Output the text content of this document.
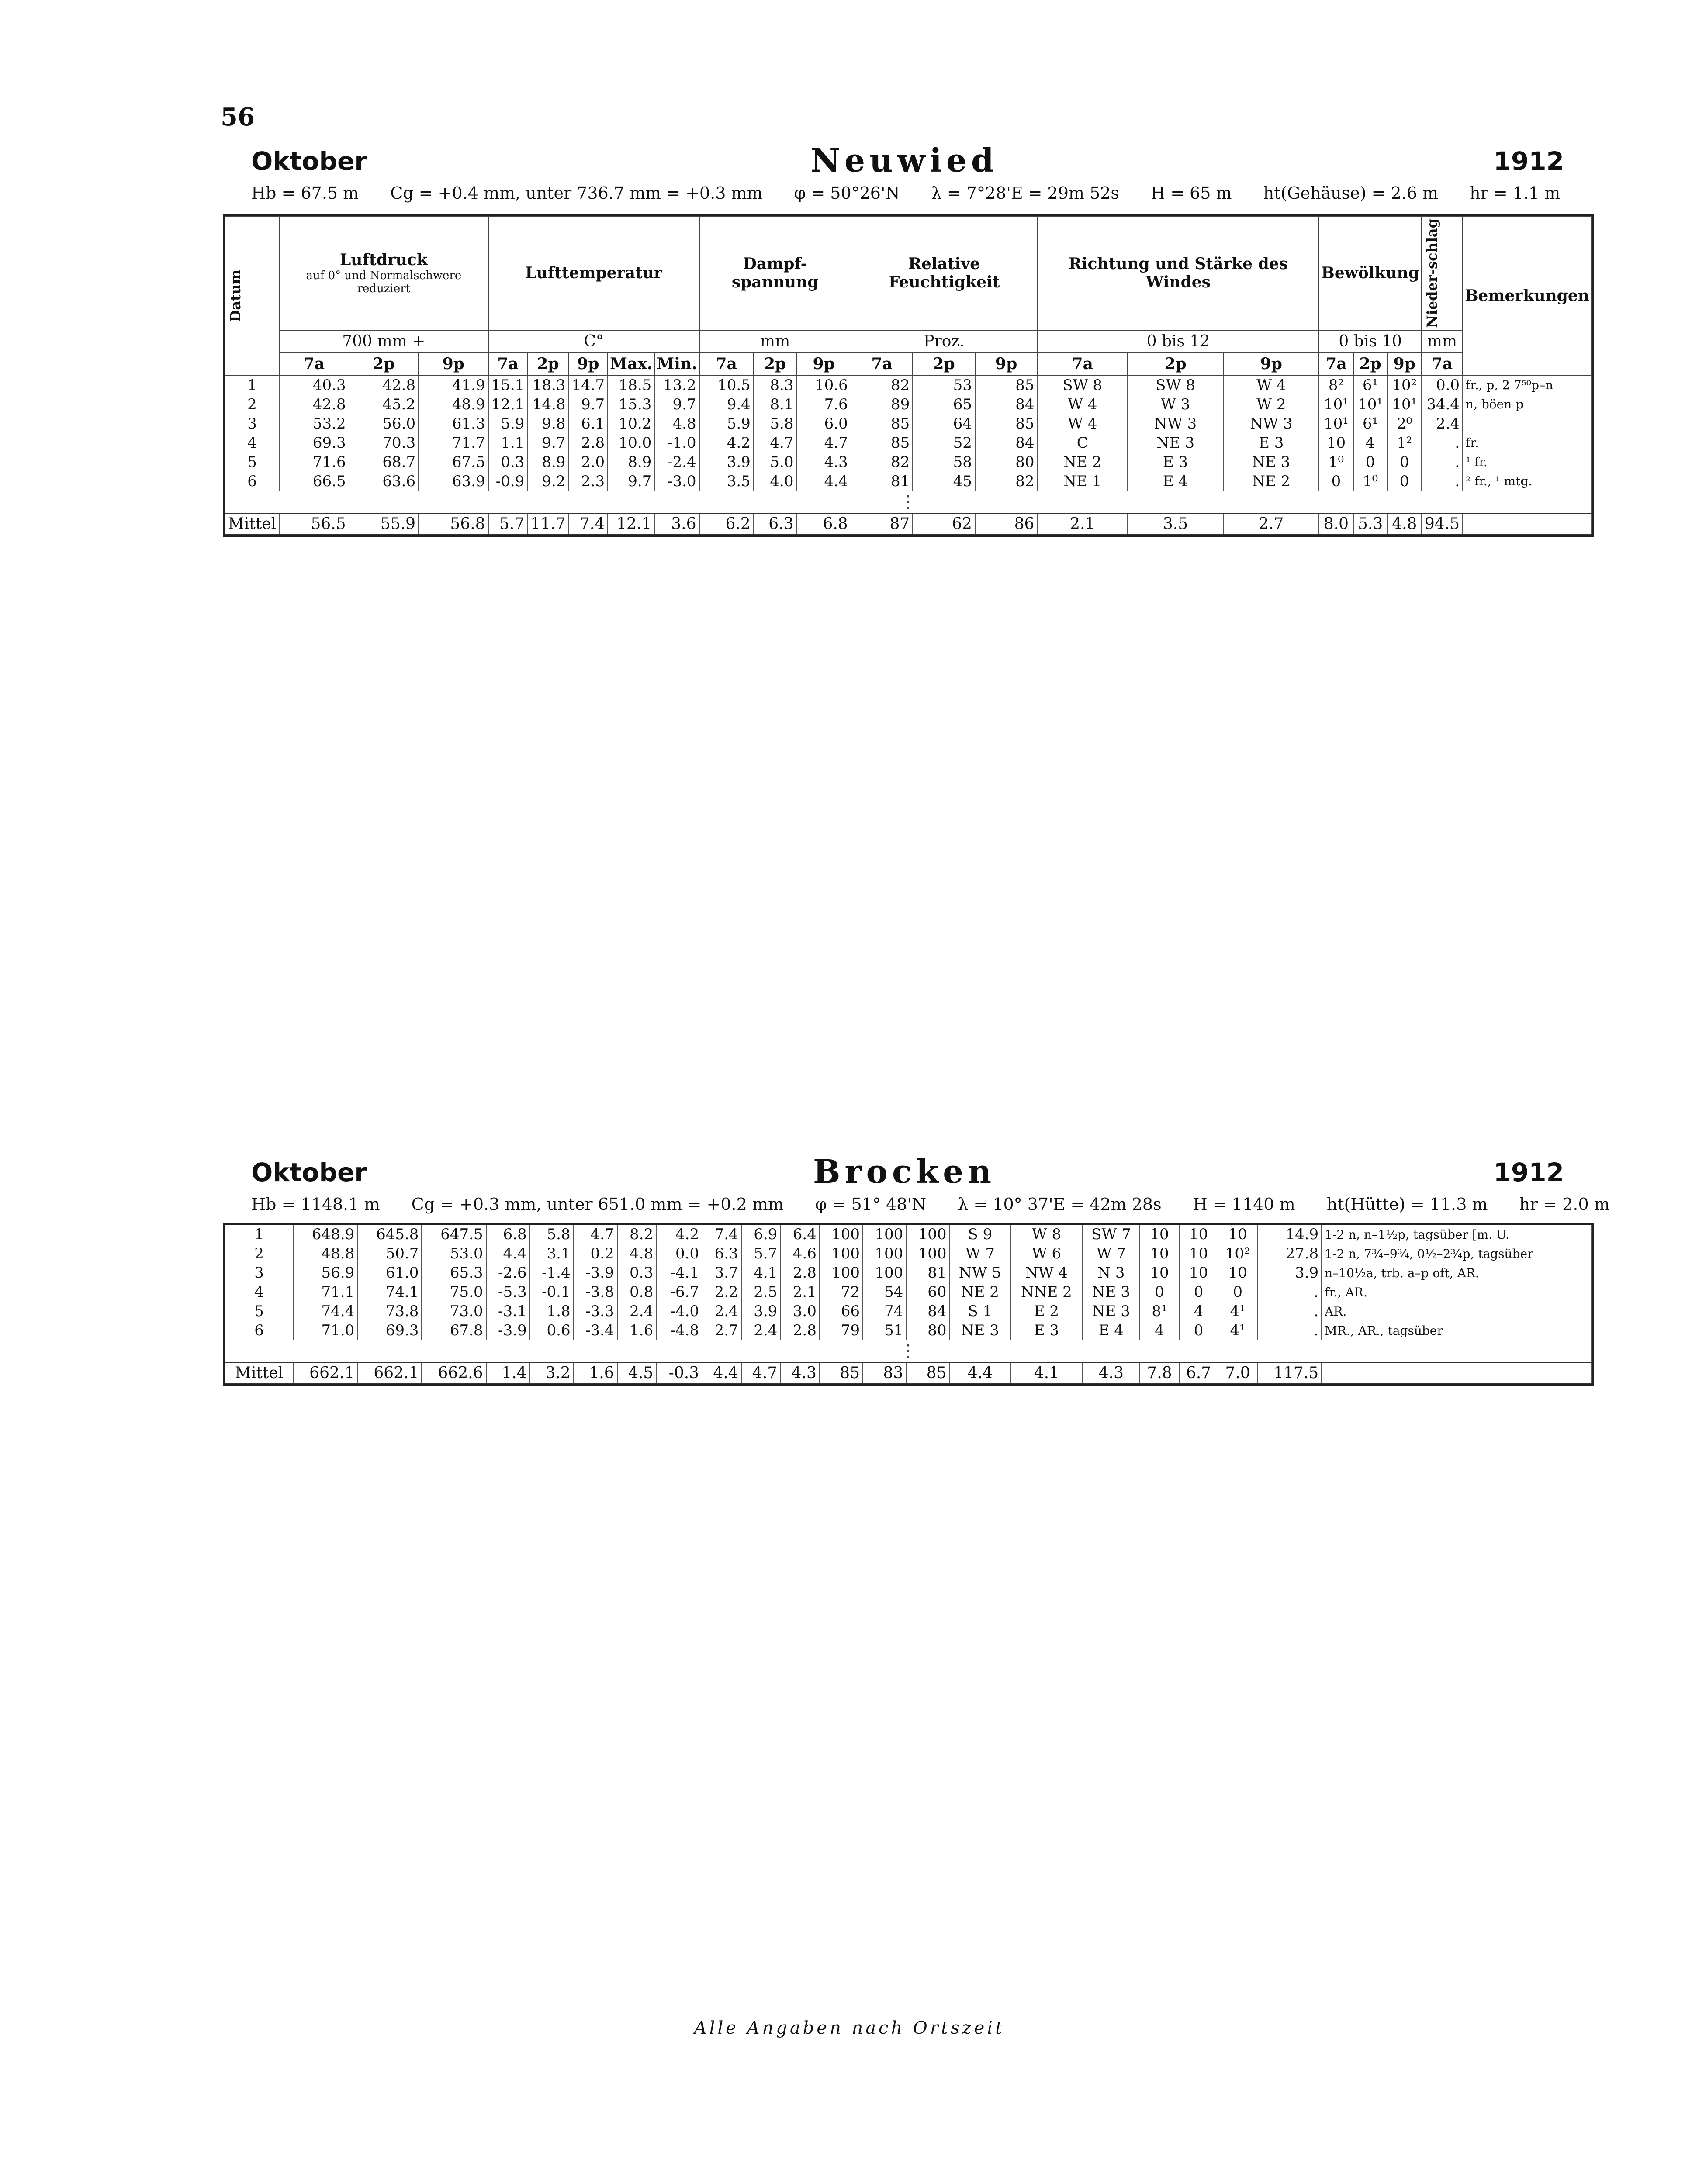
56
Oktober	Neuwied	1912
Hb = 67.5 m Cg = +0.4 mm, unter 736.7 mm = +0.3 mm φ = 50°26'N λ = 7°28'E = 29m 52s H = 65 m ht(Gehäuse) = 2.6 m hr = 1.1 m
Datum	Luftdruck
auf 0° und Normalschwere reduziert			Lufttemperatur					Dampf-spannung			Relative Feuchtigkeit			Richtung und Stärke des Windes			Bewölkung			Nieder-schlag	Bemerkungen
	700 mm +			C°					mm			Proz.			0 bis 12			0 bis 10			mm	
	7a	2p	9p	7a	2p	9p	Max.	Min.	7a	2p	9p	7a	2p	9p	7a	2p	9p	7a	2p	9p	7a	
1	40.3	42.8	41.9	15.1	18.3	14.7	18.5	13.2	10.5	8.3	10.6	82	53	85	SW 8	SW 8	W 4	8²	6¹	10²	0.0	fr., p, 2 7⁵⁰p–n
2	42.8	45.2	48.9	12.1	14.8	9.7	15.3	9.7	9.4	8.1	7.6	89	65	84	W 4	W 3	W 2	10¹	10¹	10¹	34.4	n, böen p
3	53.2	56.0	61.3	5.9	9.8	6.1	10.2	4.8	5.9	5.8	6.0	85	64	85	W 4	NW 3	NW 3	10¹	6¹	2⁰	2.4	
4	69.3	70.3	71.7	1.1	9.7	2.8	10.0	-1.0	4.2	4.7	4.7	85	52	84	C	NE 3	E 3	10	4	1²	.	fr.
5	71.6	68.7	67.5	0.3	8.9	2.0	8.9	-2.4	3.9	5.0	4.3	82	58	80	NE 2	E 3	NE 3	1⁰	0	0	.	¹ fr.
6	66.5	63.6	63.9	-0.9	9.2	2.3	9.7	-3.0	3.5	4.0	4.4	81	45	82	NE 1	E 4	NE 2	0	1⁰	0	.	² fr., ¹ mtg.
⋮																						
Mittel	56.5	55.9	56.8	5.7	11.7	7.4	12.1	3.6	6.2	6.3	6.8	87	62	86	2.1	3.5	2.7	8.0	5.3	4.8	94.5	
Oktober	Brocken	1912
Hb = 1148.1 m Cg = +0.3 mm, unter 651.0 mm = +0.2 mm φ = 51° 48'N λ = 10° 37'E = 42m 28s H = 1140 m ht(Hütte) = 11.3 m hr = 2.0 m
1	648.9	645.8	647.5	6.8	5.8	4.7	8.2	4.2	7.4	6.9	6.4	100	100	100	S 9	W 8	SW 7	10	10	10	14.9	1-2 n, n–1½p, tagsüber [m. U.
2	48.8	50.7	53.0	4.4	3.1	0.2	4.8	0.0	6.3	5.7	4.6	100	100	100	W 7	W 6	W 7	10	10	10²	27.8	1-2 n, 7¾–9¾, 0½–2¾p, tagsüber
3	56.9	61.0	65.3	-2.6	-1.4	-3.9	0.3	-4.1	3.7	4.1	2.8	100	100	81	NW 5	NW 4	N 3	10	10	10	3.9	n–10½a, trb. a–p oft, AR.
4	71.1	74.1	75.0	-5.3	-0.1	-3.8	0.8	-6.7	2.2	2.5	2.1	72	54	60	NE 2	NNE 2	NE 3	0	0	0	.	fr., AR.
5	74.4	73.8	73.0	-3.1	1.8	-3.3	2.4	-4.0	2.4	3.9	3.0	66	74	84	S 1	E 2	NE 3	8¹	4	4¹	.	AR.
6	71.0	69.3	67.8	-3.9	0.6	-3.4	1.6	-4.8	2.7	2.4	2.8	79	51	80	NE 3	E 3	E 4	4	0	4¹	.	MR., AR., tagsüber
⋮																						
Mittel	662.1	662.1	662.6	1.4	3.2	1.6	4.5	-0.3	4.4	4.7	4.3	85	83	85	4.4	4.1	4.3	7.8	6.7	7.0	117.5	
Alle Angaben nach Ortszeit
